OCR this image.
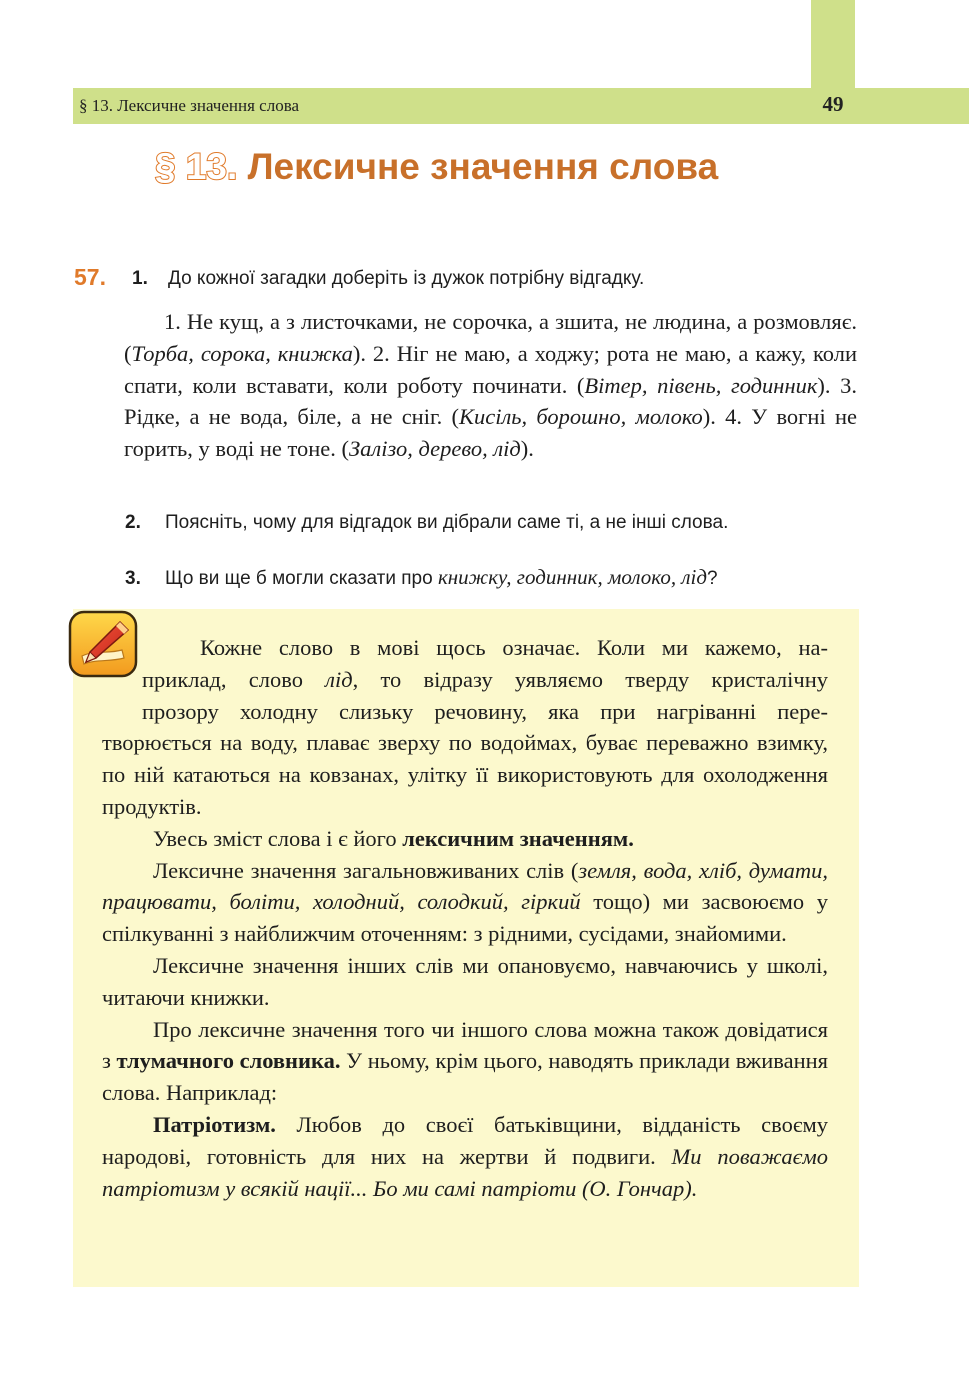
§ 13. Лексичне значення слова	49
§ 13. Лексичне значення слова
57. 1. До кожної загадки доберіть із дужок потрібну відгадку.

1. Не кущ, а з листочками, не сорочка, а зшита, не людина, а розмовляє. (Торба, сорока, книжка). 2. Ніг не маю, а ходжу; рота не маю, а кажу, коли спати, коли вставати, коли роботу починати. (Вітер, півень, годинник). 3. Рідке, а не вода, біле, а не сніг. (Кисіль, борошно, молоко). 4. У вогні не горить, у воді не тоне. (Залізо, дерево, лід).

2. Поясніть, чому для відгадок ви дібрали саме ті, а не інші слова.
3. Що ви ще б могли сказати про книжку, годинник, молоко, лід?

Кожне слово в мові щось означає. Коли ми кажемо, на-

приклад, слово лід, то відразу уявляємо тверду кристалічну

прозору холодну слизьку речовину, яка при нагріванні пере-

творюється на воду, плаває зверху по водоймах, буває переважно взимку, по ній катаються на ковзанах, улітку її використовують для охолодження продуктів.

Увесь зміст слова і є його лексичним значенням.

Лексичне значення загальновживаних слів (земля, вода, хліб, думати, працювати, боліти, холодний, солодкий, гіркий тощо) ми засвоюємо у спілкуванні з найближчим оточенням: з рідними, сусідами, знайомими.

Лексичне значення інших слів ми опановуємо, навчаючись у школі, читаючи книжки.

Про лексичне значення того чи іншого слова можна також довідатися з тлумачного словника. У ньому, крім цього, наводять приклади вживання слова. Наприклад:

Патріотизм. Любов до своєї батьківщини, відданість своєму народові, готовність для них на жертви й подвиги. Ми поважаємо патріотизм у всякій нації... Бо ми самі патріоти (О. Гончар).
